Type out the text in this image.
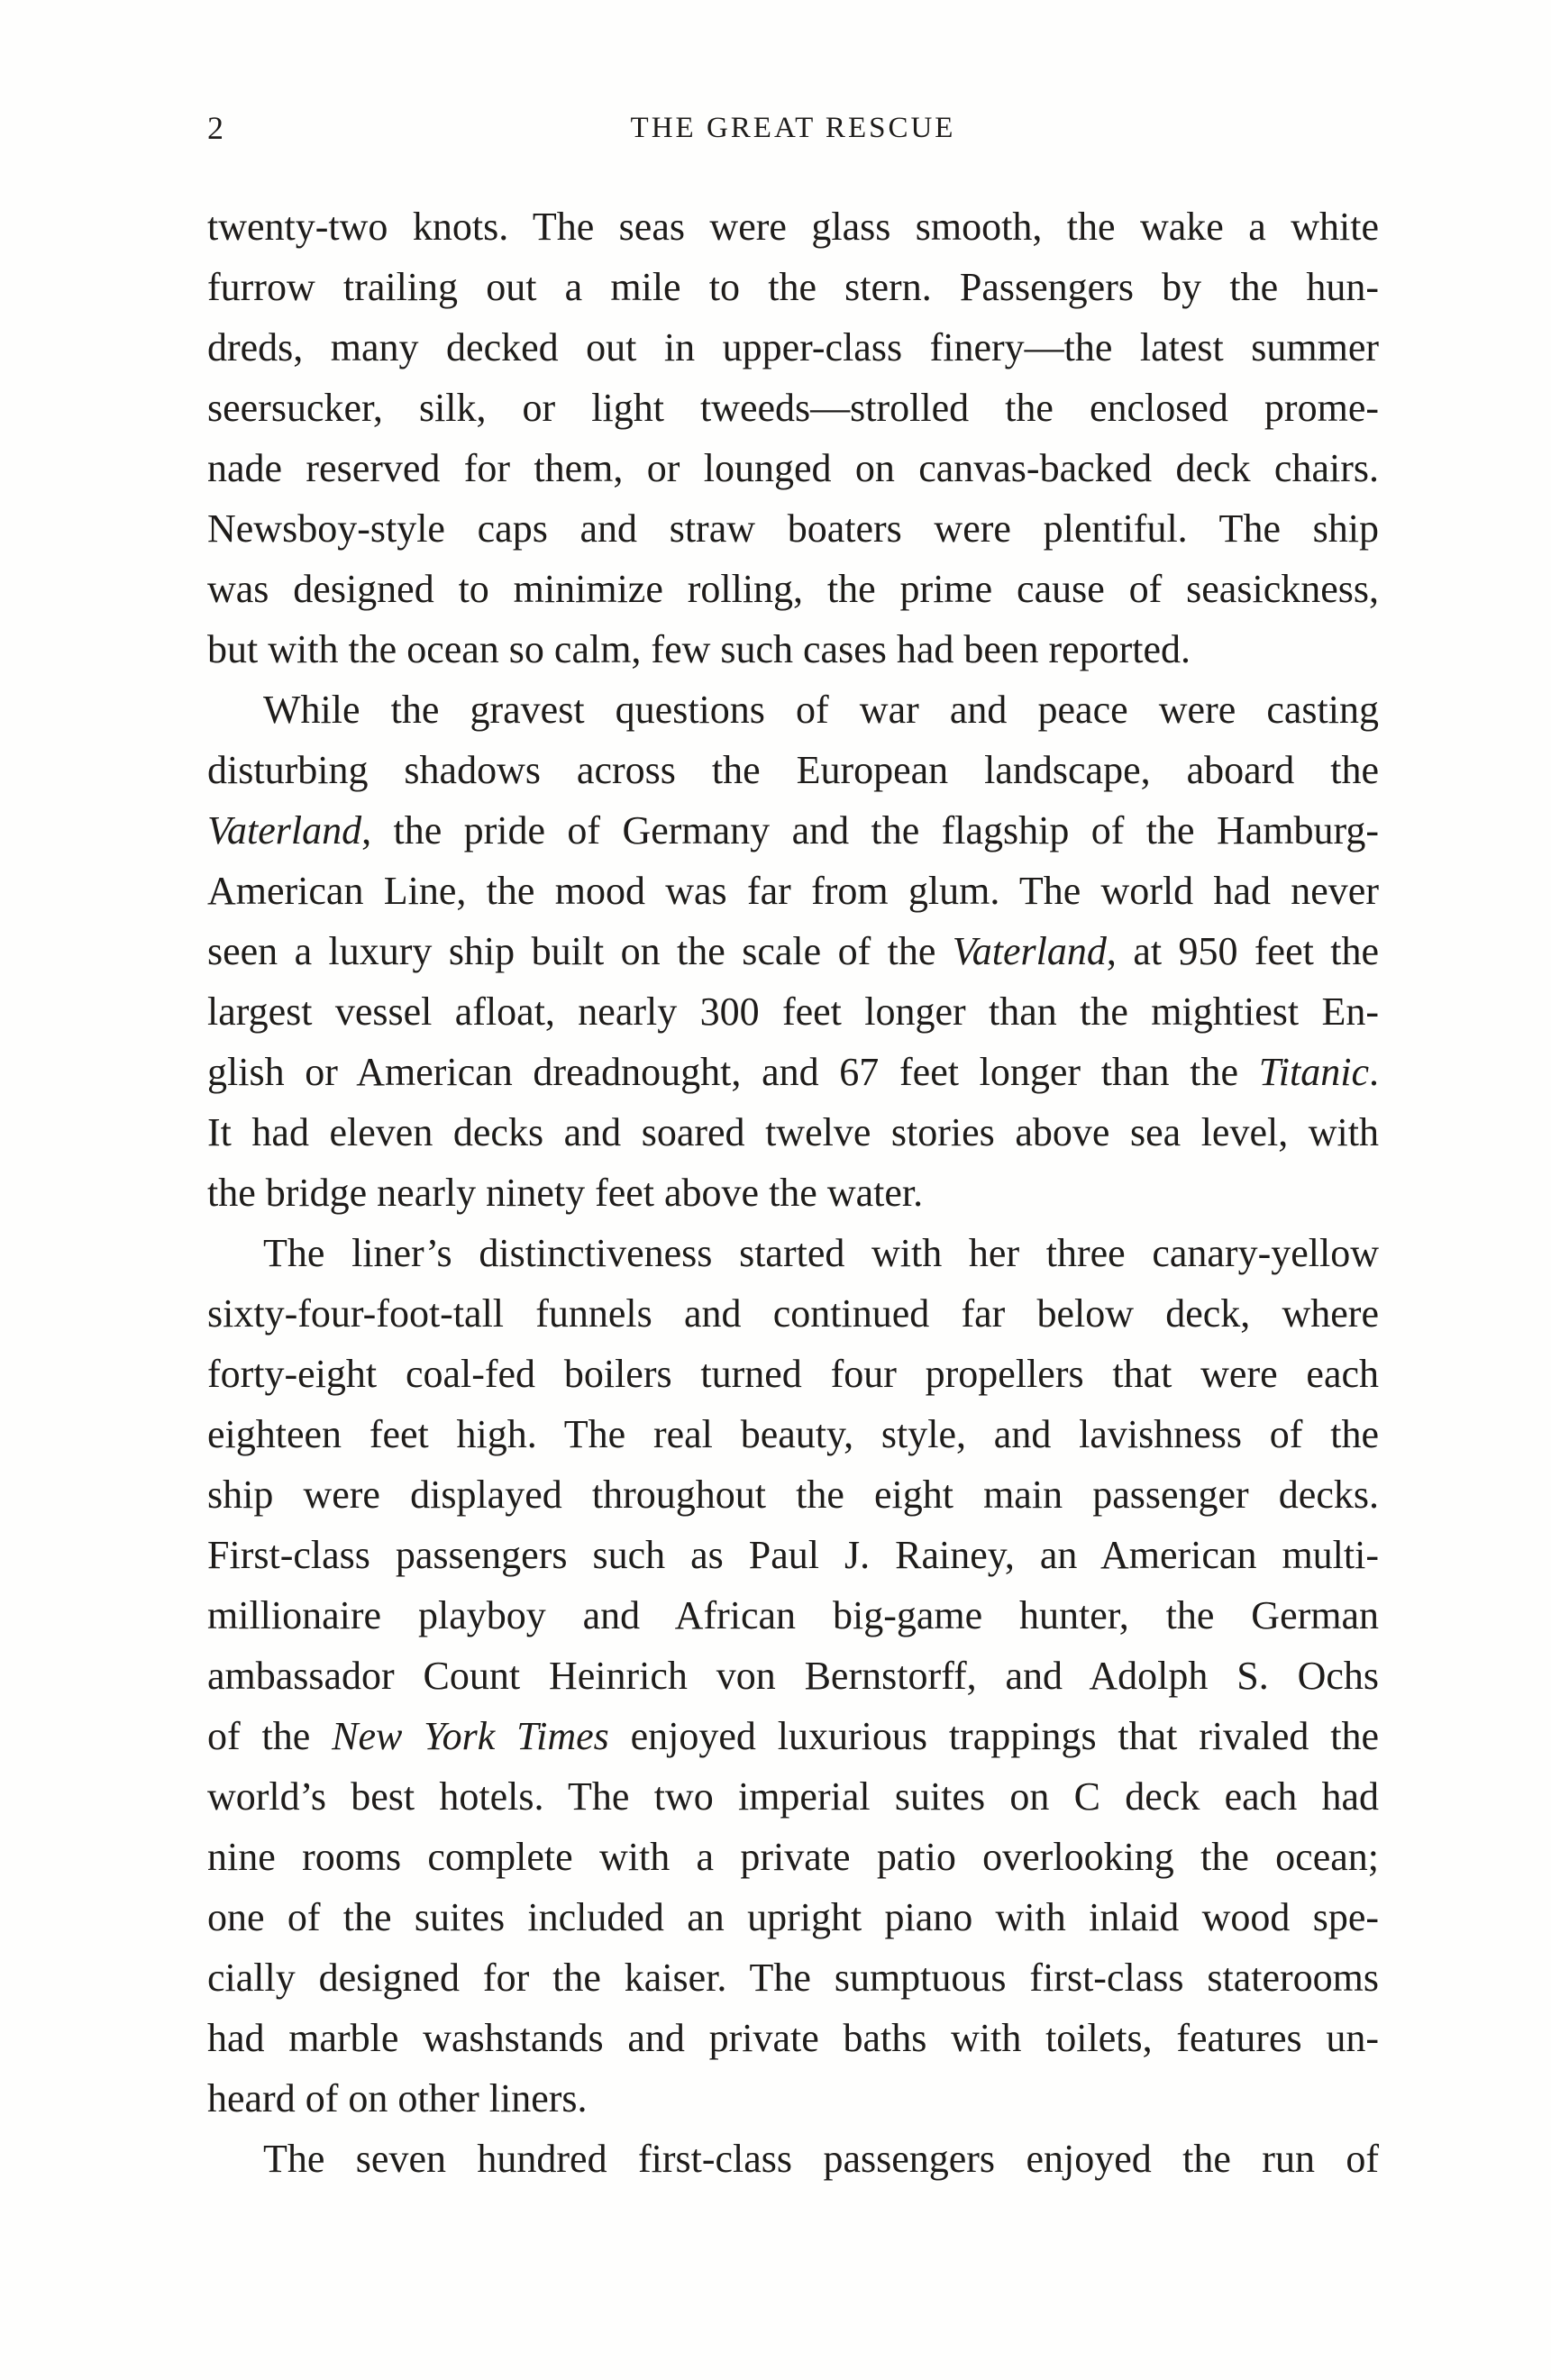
2	THE GREAT RESCUE
twenty-two knots. The seas were glass smooth, the wake a white
furrow trailing out a mile to the stern. Passengers by the hun-
dreds, many decked out in upper-class finery—the latest summer
seersucker, silk, or light tweeds—strolled the enclosed prome-
nade reserved for them, or lounged on canvas-backed deck chairs.
Newsboy-style caps and straw boaters were plentiful. The ship
was designed to minimize rolling, the prime cause of seasickness,
but with the ocean so calm, few such cases had been reported.
While the gravest questions of war and peace were casting
disturbing shadows across the European landscape, aboard the
Vaterland, the pride of Germany and the flagship of the Hamburg-
American Line, the mood was far from glum. The world had never
seen a luxury ship built on the scale of the Vaterland, at 950 feet the
largest vessel afloat, nearly 300 feet longer than the mightiest En-
glish or American dreadnought, and 67 feet longer than the Titanic.
It had eleven decks and soared twelve stories above sea level, with
the bridge nearly ninety feet above the water.
The liner’s distinctiveness started with her three canary-yellow
sixty-four-foot-tall funnels and continued far below deck, where
forty-eight coal-fed boilers turned four propellers that were each
eighteen feet high. The real beauty, style, and lavishness of the
ship were displayed throughout the eight main passenger decks.
First-class passengers such as Paul J. Rainey, an American multi-
millionaire playboy and African big-game hunter, the German
ambassador Count Heinrich von Bernstorff, and Adolph S. Ochs
of the New York Times enjoyed luxurious trappings that rivaled the
world’s best hotels. The two imperial suites on C deck each had
nine rooms complete with a private patio overlooking the ocean;
one of the suites included an upright piano with inlaid wood spe-
cially designed for the kaiser. The sumptuous first-class staterooms
had marble washstands and private baths with toilets, features un-
heard of on other liners.
The seven hundred first-class passengers enjoyed the run of
